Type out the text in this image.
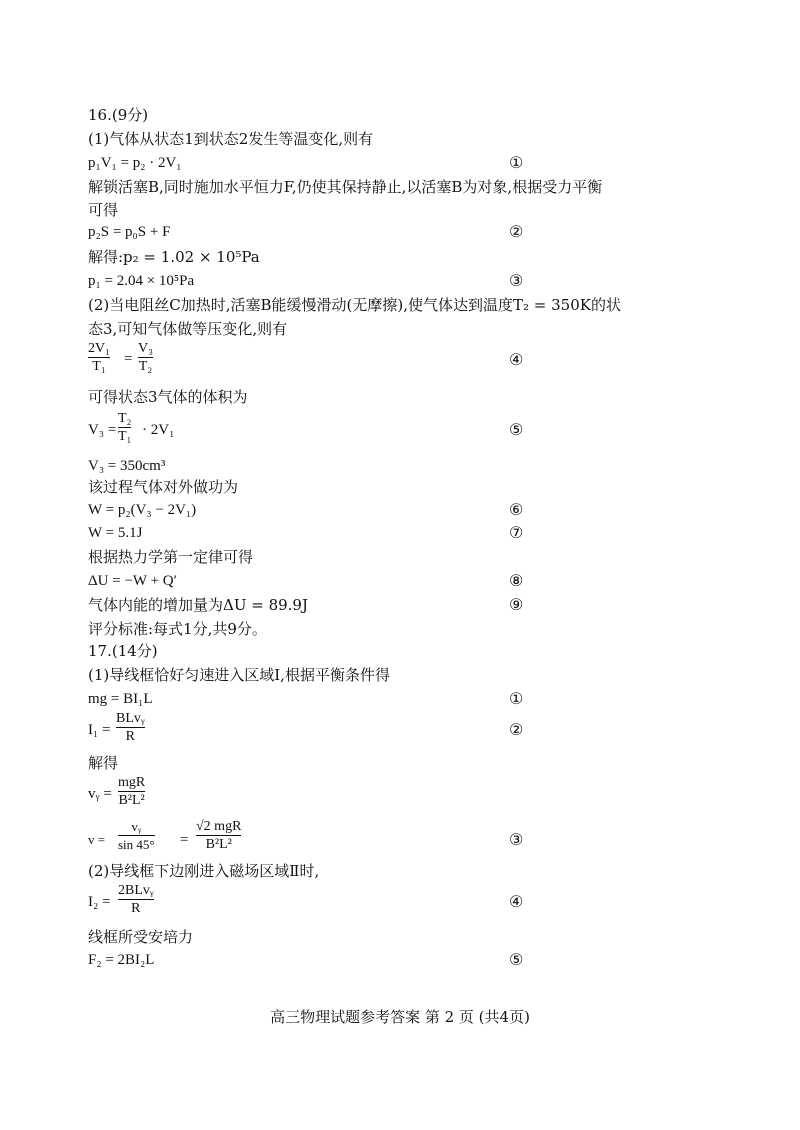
16.(9分)
(1)气体从状态1到状态2发生等温变化,则有
p₁V₁ = p₂ · 2V₁	①
解锁活塞B,同时施加水平恒力F,仍使其保持静止,以活塞B为对象,根据受力平衡
可得
p₂S = p₀S + F	②
解得:p₂ = 1.02 × 10⁵Pa
p₁ = 2.04 × 10⁵Pa	③
(2)当电阻丝C加热时,活塞B能缓慢滑动(无摩擦),使气体达到温度T₂ = 350K的状
态3,可知气体做等压变化,则有
2V₁
T₁ =
V₃
T₂	④
可得状态3气体的体积为
V₃ =
T₂
T₁ · 2V₁	⑤
V₃ = 350cm³
该过程气体对外做功为
W = p₂(V₃ − 2V₁)	⑥
W = 5.1J	⑦
根据热力学第一定律可得
ΔU = −W + Q′	⑧
气体内能的增加量为ΔU = 89.9J	⑨
评分标准:每式1分,共9分。
17.(14分)
(1)导线框恰好匀速进入区域I,根据平衡条件得
mg = BI₁L	①
I₁ =
BLvᵧ
R	②
解得
vᵧ =
mgR
B²L²
v =
vᵧ
sin 45° =
√2 mgR
B²L²	③
(2)导线框下边刚进入磁场区域Ⅱ时,
I₂ =
2BLvᵧ
R	④
线框所受安培力
F₂ = 2BI₂L	⑤
高三物理试题参考答案 第 2 页 (共4页)
